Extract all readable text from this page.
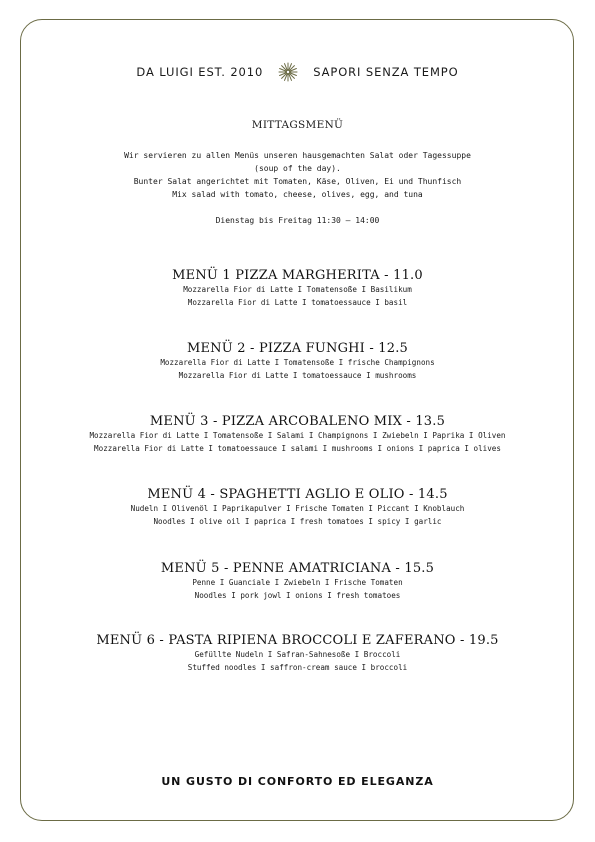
DA LUIGI EST. 2010	SAPORI SENZA TEMPO
MITTAGSMENÜ
Wir servieren zu allen Menüs unseren hausgemachten Salat oder Tagessuppe
(soup of the day).
Bunter Salat angerichtet mit Tomaten, Käse, Oliven, Ei und Thunfisch
Mix salad with tomato, cheese, olives, egg, and tuna
Dienstag bis Freitag 11:30 – 14:00
MENÜ 1 PIZZA MARGHERITA - 11.0
Mozzarella Fior di Latte I Tomatensoße I Basilikum
Mozzarella Fior di Latte I tomatoessauce I basil
MENÜ 2 - PIZZA FUNGHI - 12.5
Mozzarella Fior di Latte I Tomatensoße I frische Champignons
Mozzarella Fior di Latte I tomatoessauce I mushrooms
MENÜ 3 - PIZZA ARCOBALENO MIX - 13.5
Mozzarella Fior di Latte I Tomatensoße I Salami I Champignons I Zwiebeln I Paprika I Oliven
Mozzarella Fior di Latte I tomatoessauce I salami I mushrooms I onions I paprica I olives
MENÜ 4 - SPAGHETTI AGLIO E OLIO - 14.5
Nudeln I Olivenöl I Paprikapulver I Frische Tomaten I Piccant I Knoblauch
Noodles I olive oil I paprica I fresh tomatoes I spicy I garlic
MENÜ 5 - PENNE AMATRICIANA - 15.5
Penne I Guanciale I Zwiebeln I Frische Tomaten
Noodles I pork jowl I onions I fresh tomatoes
MENÜ 6 - PASTA RIPIENA BROCCOLI E ZAFERANO - 19.5
Gefüllte Nudeln I Safran-Sahnesoße I Broccoli
Stuffed noodles I saffron-cream sauce I broccoli
UN GUSTO DI CONFORTO ED ELEGANZA
